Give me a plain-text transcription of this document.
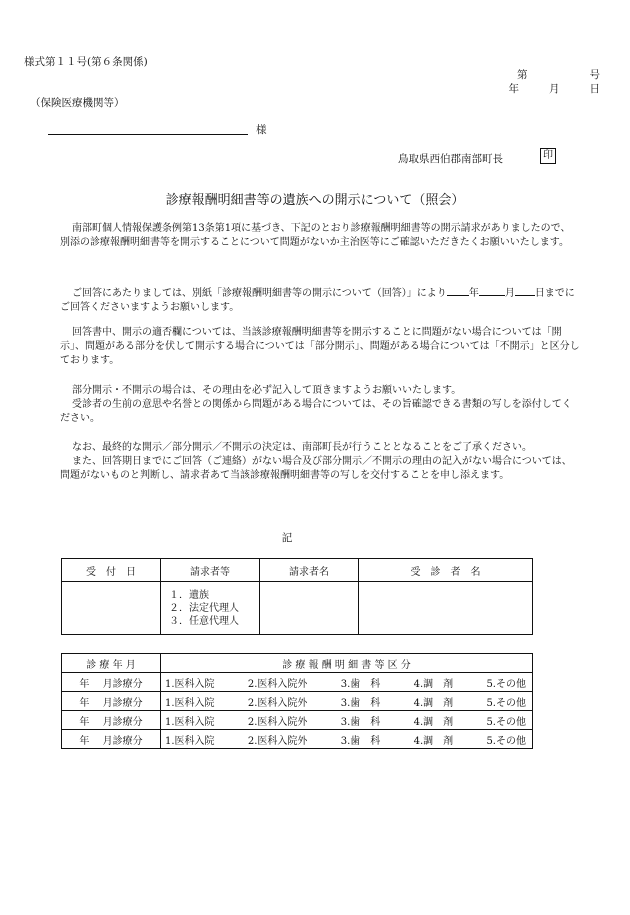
様式第１１号(第６条関係)
第	号
年	月	日
（保険医療機関等）
様
鳥取県西伯郡南部町長	印
診療報酬明細書等の遺族への開示について（照会）

南部町個人情報保護条例第13条第1項に基づき、下記のとおり診療報酬明細書等の開示請求がありましたので、別添の診療報酬明細書等を開示することについて問題がないか主治医等にご確認いただきたくお願いいたします。

ご回答にあたりましては、別紙「診療報酬明細書等の開示について（回答）」により 年	月 日までにご回答くださいますようお願いします。

回答書中、開示の適否欄については、当該診療報酬明細書等を開示することに問題がない場合については「開示」、問題がある部分を伏して開示する場合については「部分開示」、問題がある場合については「不開示」と区分しております。

部分開示・不開示の場合は、その理由を必ず記入して頂きますようお願いいたします。

受診者の生前の意思や名誉との関係から問題がある場合については、その旨確認できる書類の写しを添付してください。

なお、最終的な開示／部分開示／不開示の決定は、南部町長が行うこととなることをご了承ください。

また、回答期日までにご回答（ご連絡）がない場合及び部分開示／不開示の理由の記入がない場合については、問題がないものと判断し、請求者あて当該診療報酬明細書等の写しを交付することを申し添えます。

記
受　付　日	請求者等	請求者名	受　診　者　名

	１．遺族
２．法定代理人
３．任意代理人		

診 療 年 月	診 療 報 酬 明 細 書 等 区 分
年　 月診療分	1.医科入院 2.医科入院外 3.歯　科 4.調　剤 5.その他

年　 月診療分	1.医科入院 2.医科入院外 3.歯　科 4.調　剤 5.その他

年　 月診療分	1.医科入院 2.医科入院外 3.歯　科 4.調　剤 5.その他

年　 月診療分	1.医科入院 2.医科入院外 3.歯　科 4.調　剤 5.その他
